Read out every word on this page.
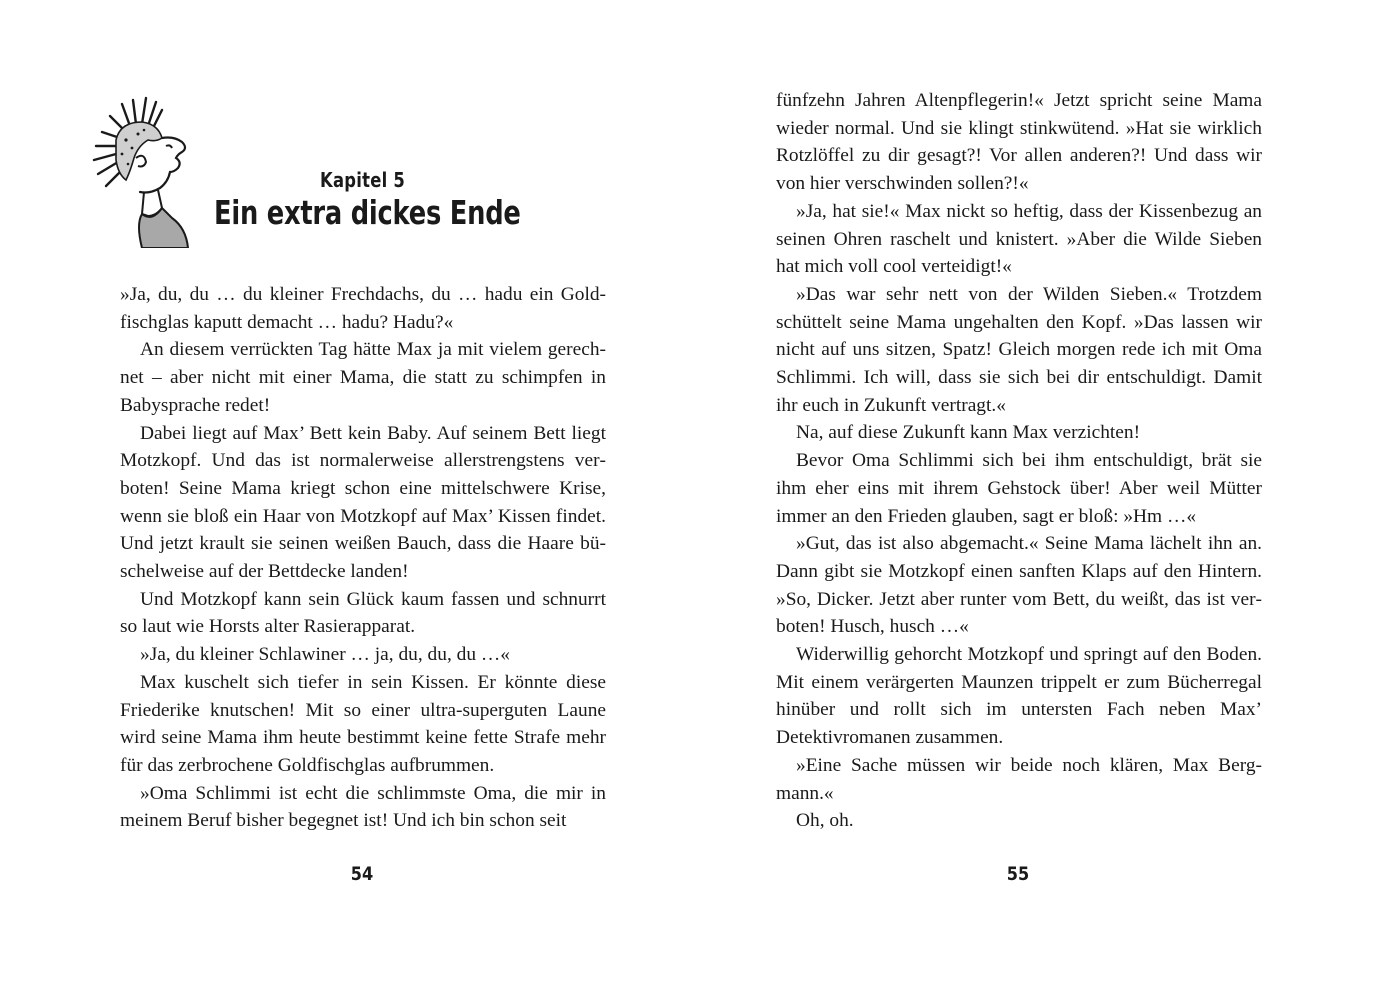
Kapitel 5
Ein extra dickes Ende

»Ja, du, du … du kleiner Frechdachs, du … hadu ein Goldfischglas kaputt demacht … hadu? Hadu?«

An diesem verrückten Tag hätte Max ja mit vielem gerechnet – aber nicht mit einer Mama, die statt zu schimpfen in Babysprache redet!

Dabei liegt auf Max’ Bett kein Baby. Auf seinem Bett liegt Motzkopf. Und das ist normalerweise allerstrengstens verboten! Seine Mama kriegt schon eine mittelschwere Krise, wenn sie bloß ein Haar von Motzkopf auf Max’ Kissen findet. Und jetzt krault sie seinen weißen Bauch, dass die Haare büschelweise auf der Bettdecke landen!

Und Motzkopf kann sein Glück kaum fassen und schnurrt so laut wie Horsts alter Rasierapparat.

»Ja, du kleiner Schlawiner … ja, du, du, du …«

Max kuschelt sich tiefer in sein Kissen. Er könnte diese Friederike knutschen! Mit so einer ultra-superguten Laune wird seine Mama ihm heute bestimmt keine fette Strafe mehr für das zerbrochene Goldfischglas aufbrummen.

»Oma Schlimmi ist echt die schlimmste Oma, die mir in meinem Beruf bisher begegnet ist! Und ich bin schon seit

54

fünfzehn Jahren Altenpflegerin!« Jetzt spricht seine Mama wieder normal. Und sie klingt stinkwütend. »Hat sie wirklich Rotzlöffel zu dir gesagt?! Vor allen anderen?! Und dass wir von hier verschwinden sollen?!«

»Ja, hat sie!« Max nickt so heftig, dass der Kissenbezug an seinen Ohren raschelt und knistert. »Aber die Wilde Sieben hat mich voll cool verteidigt!«

»Das war sehr nett von der Wilden Sieben.« Trotzdem schüttelt seine Mama ungehalten den Kopf. »Das lassen wir nicht auf uns sitzen, Spatz! Gleich morgen rede ich mit Oma Schlimmi. Ich will, dass sie sich bei dir entschuldigt. Damit ihr euch in Zukunft vertragt.«

Na, auf diese Zukunft kann Max verzichten!

Bevor Oma Schlimmi sich bei ihm entschuldigt, brät sie ihm eher eins mit ihrem Gehstock über! Aber weil Mütter immer an den Frieden glauben, sagt er bloß: »Hm …«

»Gut, das ist also abgemacht.« Seine Mama lächelt ihn an. Dann gibt sie Motzkopf einen sanften Klaps auf den Hintern. »So, Dicker. Jetzt aber runter vom Bett, du weißt, das ist verboten! Husch, husch …«

Widerwillig gehorcht Motzkopf und springt auf den Boden. Mit einem verärgerten Maunzen trippelt er zum Bücherregal hinüber und rollt sich im untersten Fach neben Max’ Detektivromanen zusammen.

»Eine Sache müssen wir beide noch klären, Max Bergmann.«

Oh, oh.

55
